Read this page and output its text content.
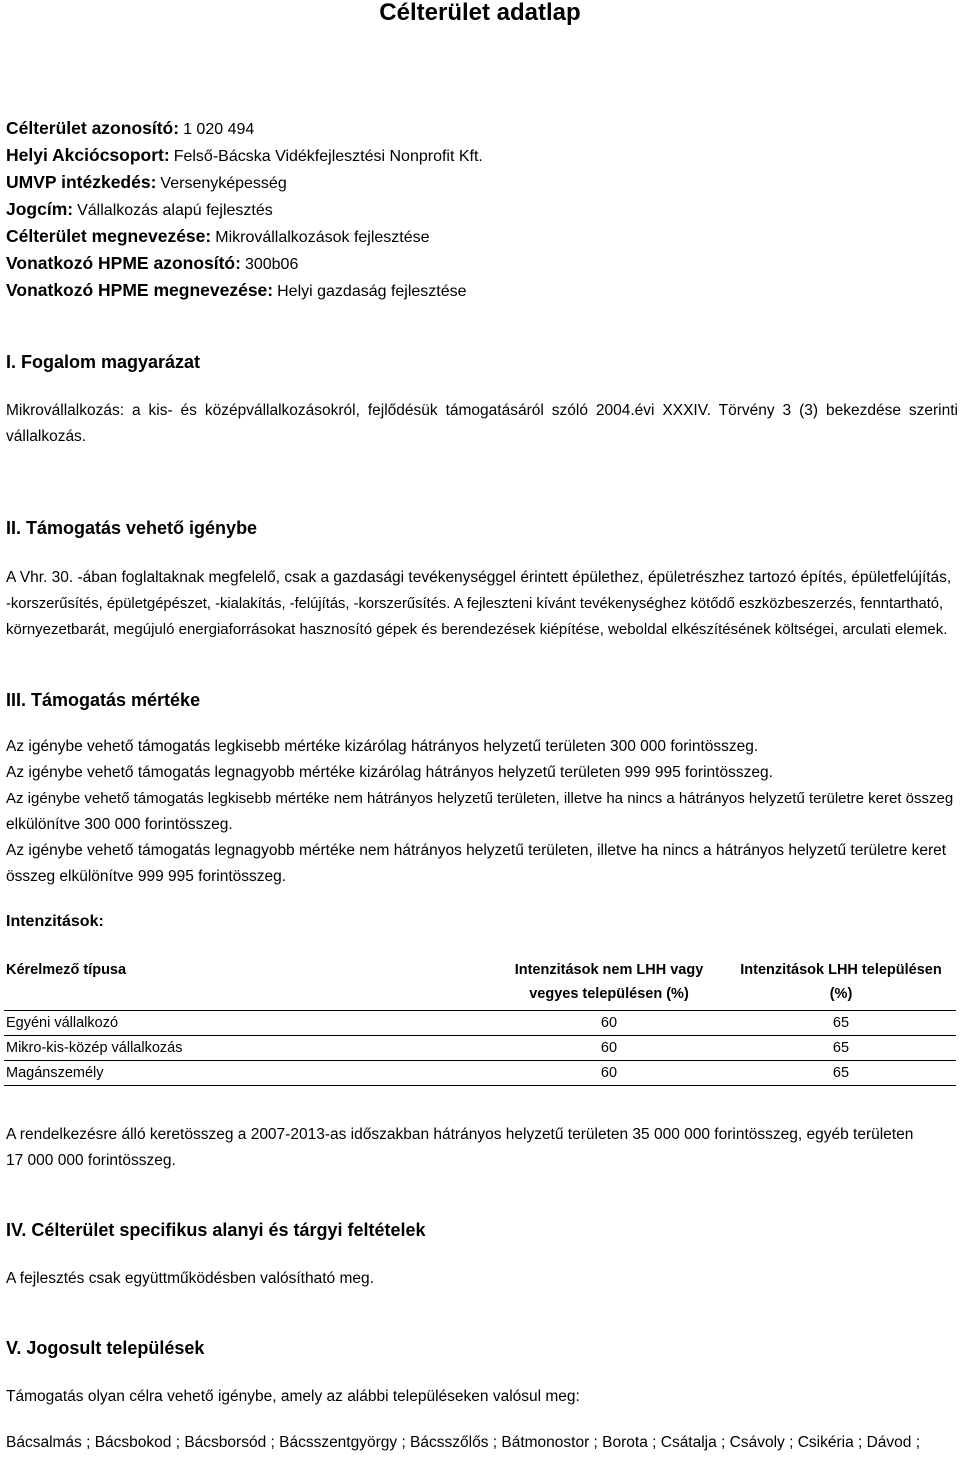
Célterület adatlap
Célterület azonosító: 1 020 494
Helyi Akciócsoport: Felső-Bácska Vidékfejlesztési Nonprofit Kft.
UMVP intézkedés: Versenyképesség
Jogcím: Vállalkozás alapú fejlesztés
Célterület megnevezése: Mikrovállalkozások fejlesztése
Vonatkozó HPME azonosító: 300b06
Vonatkozó HPME megnevezése: Helyi gazdaság fejlesztése
I. Fogalom magyarázat

Mikrovállalkozás: a kis- és középvállalkozásokról, fejlődésük támogatásáról szóló 2004.évi XXXIV. Törvény 3 (3) bekezdése szerinti vállalkozás.

II. Támogatás vehető igénybe
A Vhr. 30. -ában foglaltaknak megfelelő, csak a gazdasági tevékenységgel érintett épülethez, épületrészhez tartozó építés, épületfelújítás,
-korszerűsítés, épületgépészet, -kialakítás, -felújítás, -korszerűsítés. A fejleszteni kívánt tevékenységhez kötődő eszközbeszerzés, fenntartható,
környezetbarát, megújuló energiaforrásokat hasznosító gépek és berendezések kiépítése, weboldal elkészítésének költségei, arculati elemek.
III. Támogatás mértéke
Az igénybe vehető támogatás legkisebb mértéke kizárólag hátrányos helyzetű területen 300 000 forintösszeg.
Az igénybe vehető támogatás legnagyobb mértéke kizárólag hátrányos helyzetű területen 999 995 forintösszeg.
Az igénybe vehető támogatás legkisebb mértéke nem hátrányos helyzetű területen, illetve ha nincs a hátrányos helyzetű területre keret összeg
elkülönítve 300 000 forintösszeg.
Az igénybe vehető támogatás legnagyobb mértéke nem hátrányos helyzetű területen, illetve ha nincs a hátrányos helyzetű területre keret
összeg elkülönítve 999 995 forintösszeg.

Intenzitások:

Kérelmező típusa	Intenzitások nem LHH vagy vegyes településen (%)	Intenzitások LHH településen (%)
Egyéni vállalkozó	60	65
Mikro-kis-közép vállalkozás	60	65
Magánszemély	60	65
A rendelkezésre álló keretösszeg a 2007-2013-as időszakban hátrányos helyzetű területen 35 000 000 forintösszeg, egyéb területen
17 000 000 forintösszeg.
IV. Célterület specifikus alanyi és tárgyi feltételek

A fejlesztés csak együttműködésben valósítható meg.

V. Jogosult települések

Támogatás olyan célra vehető igénybe, amely az alábbi településeken valósul meg:

Bácsalmás ; Bácsbokod ; Bácsborsód ; Bácsszentgyörgy ; Bácsszőlős ; Bátmonostor ; Borota ; Csátalja ; Csávoly ; Csikéria ; Dávod ;
